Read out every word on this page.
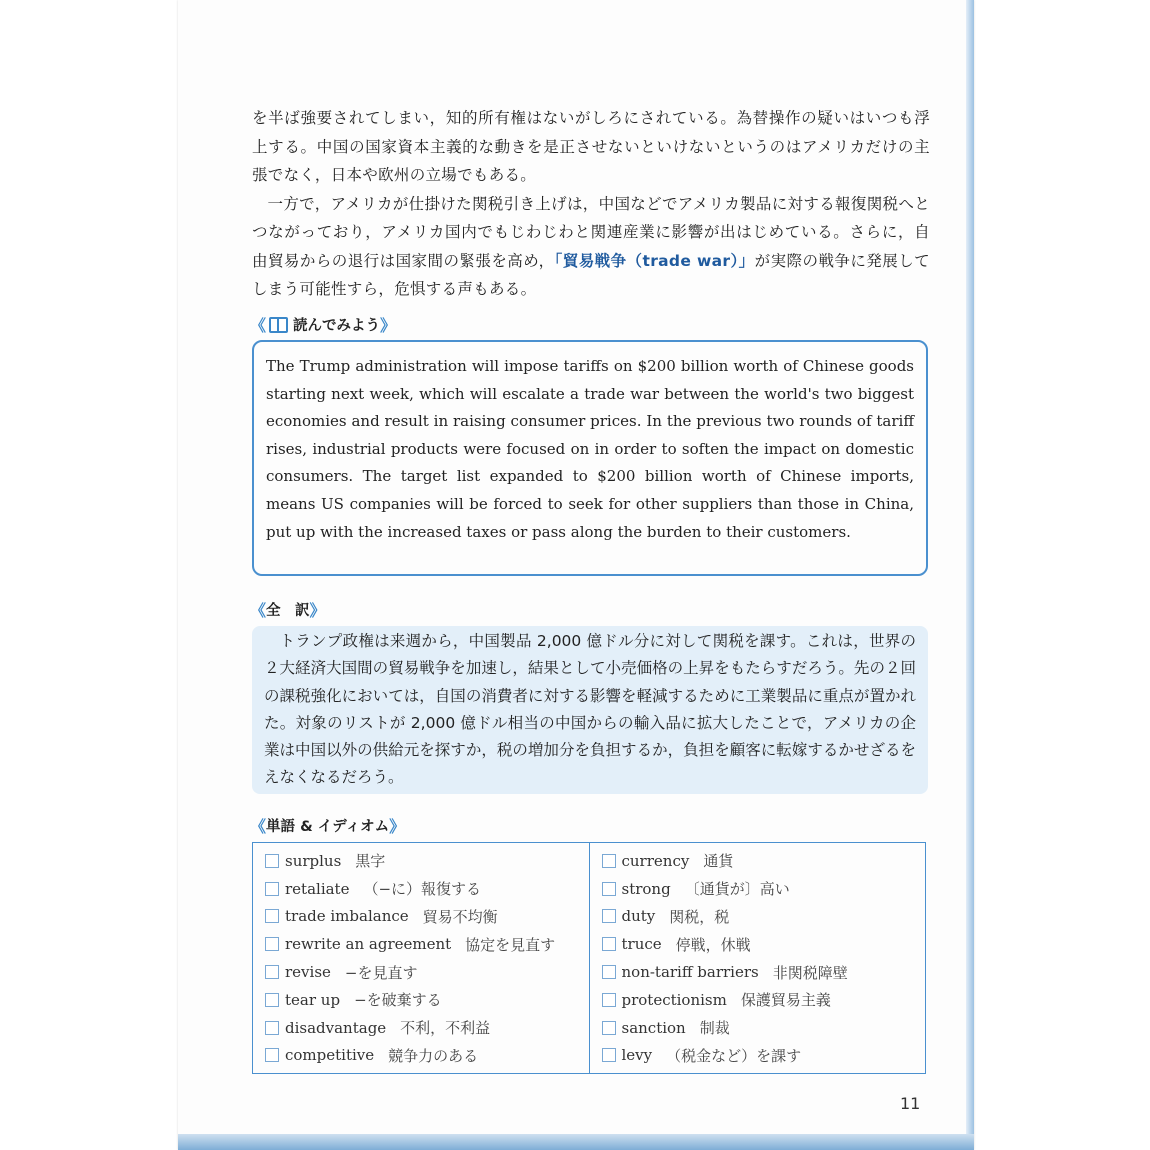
を半ば強要されてしまい，知的所有権はないがしろにされている。為替操作の疑いはいつも浮上する。中国の国家資本主義的な動きを是正させないといけないというのはアメリカだけの主張でなく，日本や欧州の立場でもある。

一方で，アメリカが仕掛けた関税引き上げは，中国などでアメリカ製品に対する報復関税へとつながっており，アメリカ国内でもじわじわと関連産業に影響が出はじめている。さらに，自由貿易からの退行は国家間の緊張を高め，「貿易戦争（trade war）」が実際の戦争に発展してしまう可能性すら，危惧する声もある。

《 読んでみよう 》
The Trump administration will impose tariffs on $200 billion worth of Chinese goods starting next week, which will escalate a trade war between the world's two biggest economies and result in raising consumer prices. In the previous two rounds of tariff rises, industrial products were focused on in order to soften the impact on domestic consumers. The target list expanded to $200 billion worth of Chinese imports, means US companies will be forced to seek for other suppliers than those in China, put up with the increased taxes or pass along the burden to their customers.
《 全　訳 》

トランプ政権は来週から，中国製品 2,000 億ドル分に対して関税を課す。これは，世界の２大経済大国間の貿易戦争を加速し，結果として小売価格の上昇をもたらすだろう。先の２回の課税強化においては，自国の消費者に対する影響を軽減するために工業製品に重点が置かれた。対象のリストが 2,000 億ドル相当の中国からの輸入品に拡大したことで，アメリカの企業は中国以外の供給元を探すか，税の増加分を負担するか，負担を顧客に転嫁するかせざるをえなくなるだろう。

《 単語 & イディオム 》
surplus 黒字
retaliate （−に）報復する
trade imbalance 貿易不均衡
rewrite an agreement 協定を見直す
revise −を見直す
tear up −を破棄する
disadvantage 不利，不利益
competitive 競争力のある
currency 通貨
strong 〔通貨が〕高い
duty 関税，税
truce 停戦，休戦
non-tariff barriers 非関税障壁
protectionism 保護貿易主義
sanction 制裁
levy （税金など）を課す
11
